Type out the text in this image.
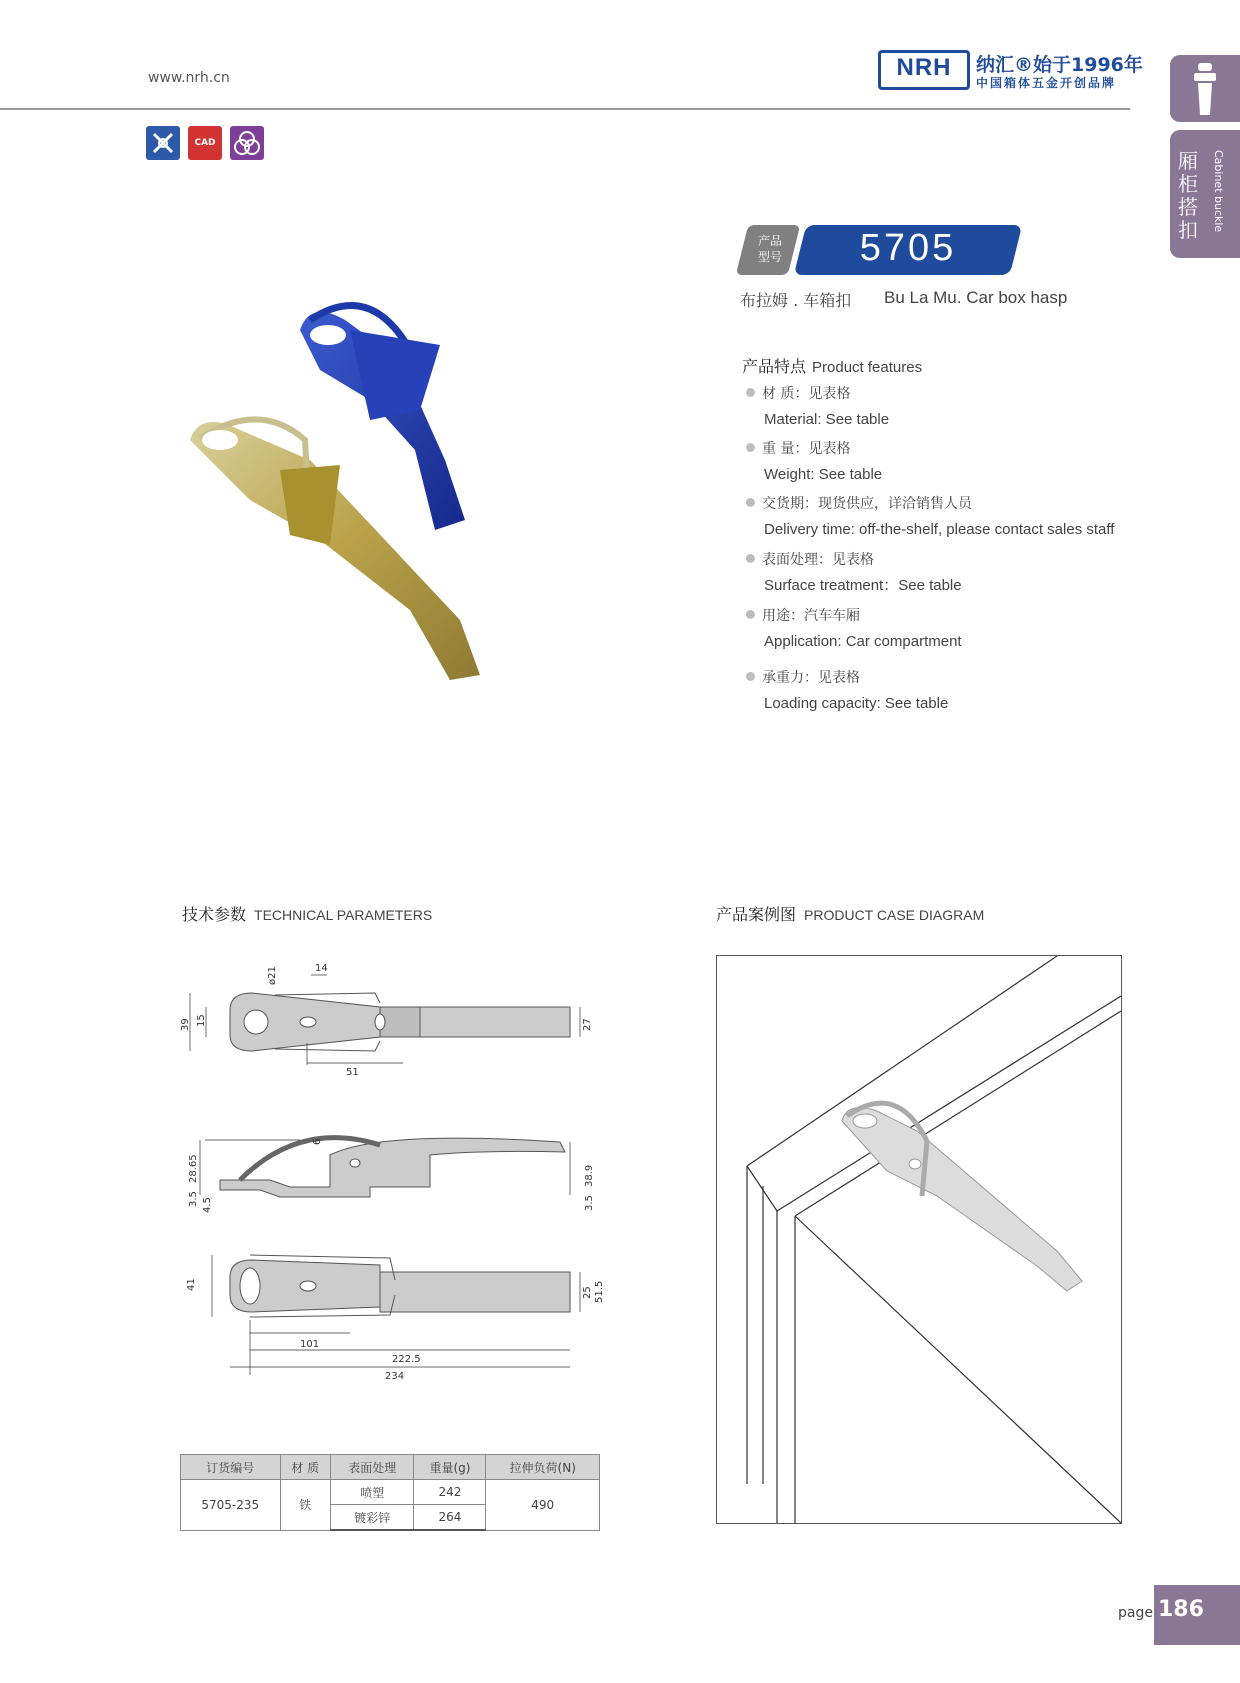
www.nrh.cn	NRH	纳汇®始于1996年
中国箱体五金开创品牌
厢柜搭扣 Cabinet buckle
CAD
产品
型号	5705
布拉姆 . 车箱扣 Bu La Mu. Car box hasp
产品特点 Product features
材 质：见表格
Material: See table
重 量：见表格
Weight: See table
交货期：现货供应，详洽销售人员
Delivery time: off-the-shelf, please contact sales staff
表面处理：见表格
Surface treatment：See table
用途：汽车车厢
Application: Car compartment
承重力：见表格
Loading capacity: See table
技术参数 TECHNICAL PARAMETERS
ø21	14
15
39
51
27
6
28.65	38.9
3.5 4.5	3.5
41
25 51.5
101
222.5
234
订货编号	材 质	表面处理	重量(g)	拉伸负荷(N)
5705-235	铁	喷塑	242	490
		镀彩锌	264	
产品案例图 PRODUCT CASE DIAGRAM
page 186
